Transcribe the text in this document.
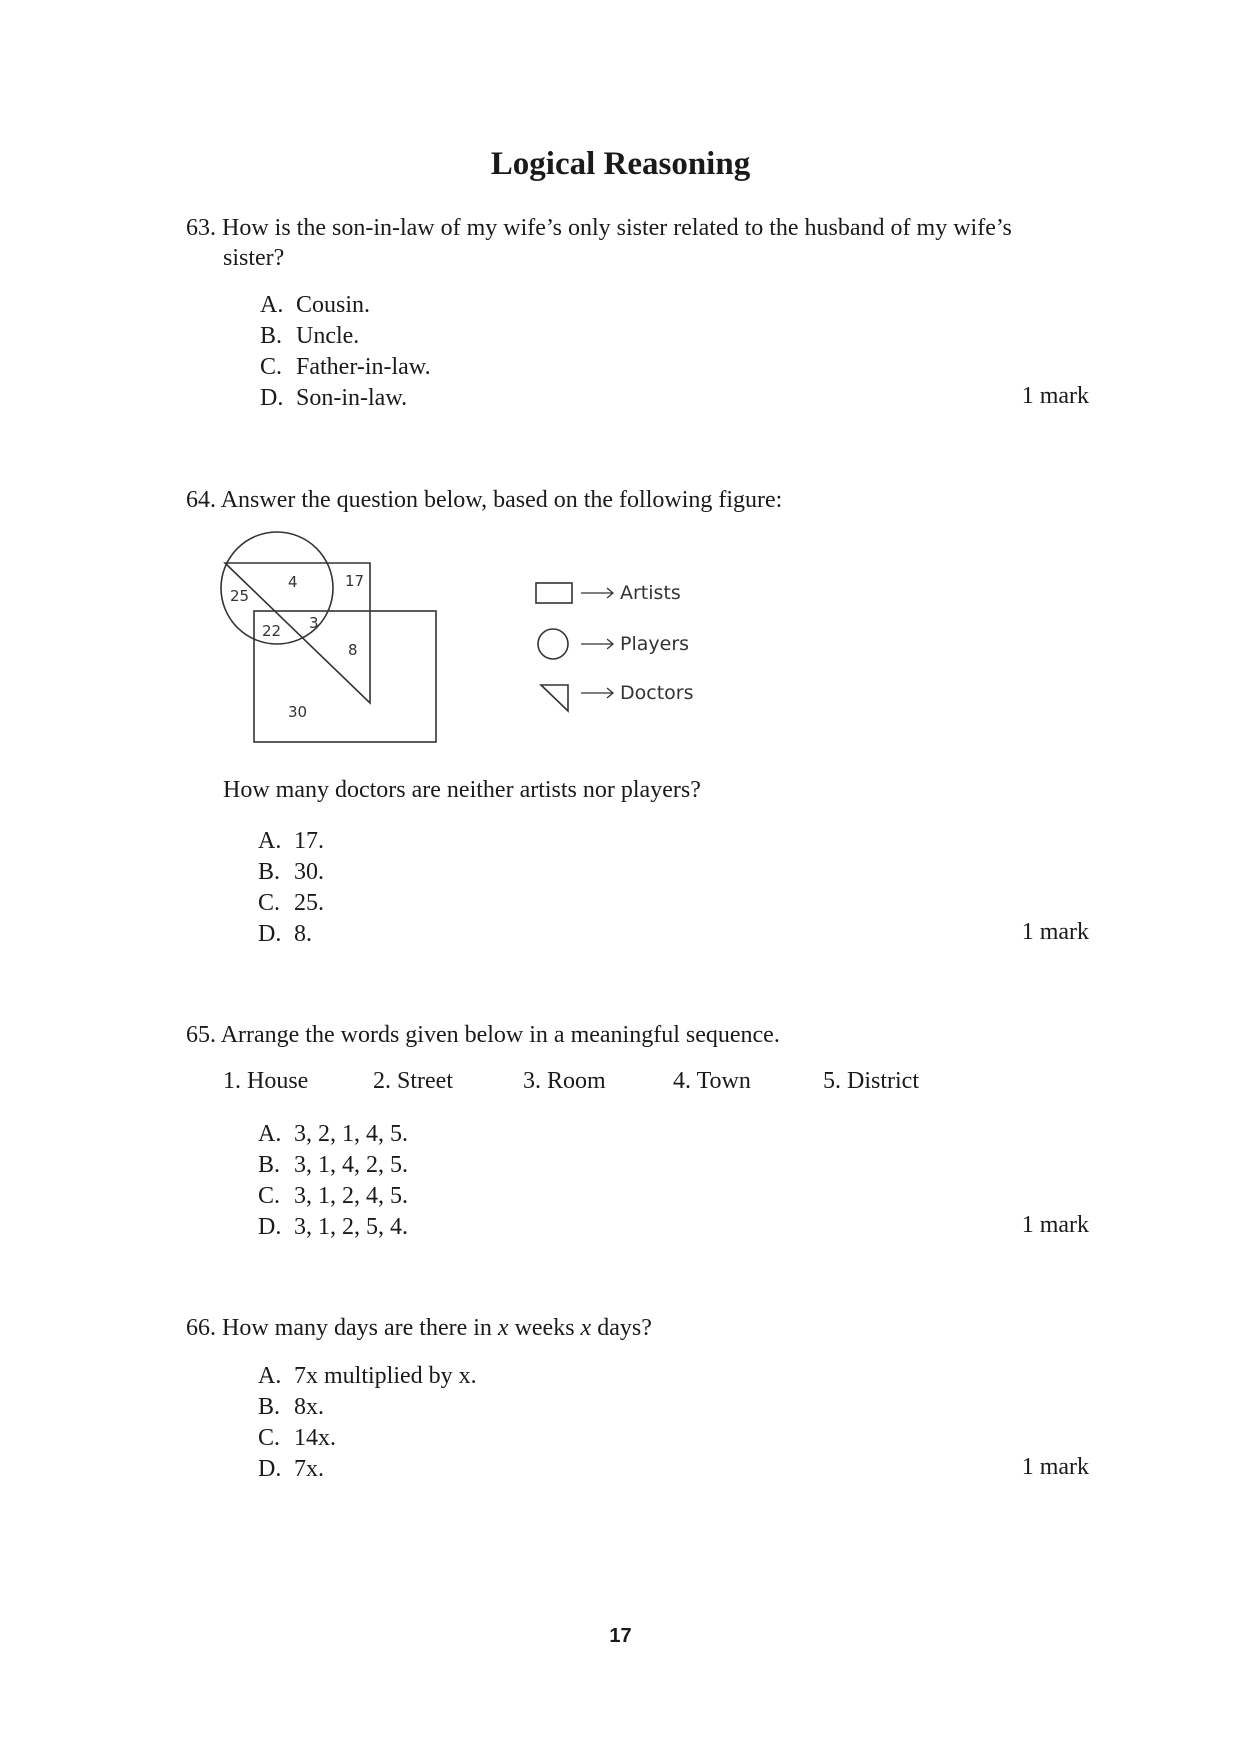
Logical Reasoning
63. How is the son-in-law of my wife’s only sister related to the husband of my wife’s
sister?
A. Cousin.
B. Uncle.
C. Father-in-law.
D. Son-in-law.	1 mark
64. Answer the question below, based on the following figure:
25
4	17
22 3
8
30
Artists
Players
Doctors
How many doctors are neither artists nor players?
A. 17.
B. 30.
C. 25.
D. 8.	1 mark
65. Arrange the words given below in a meaningful sequence.
1. House	2. Street	3. Room	4. Town	5. District
A. 3, 2, 1, 4, 5.
B. 3, 1, 4, 2, 5.
C. 3, 1, 2, 4, 5.
D. 3, 1, 2, 5, 4.	1 mark
66. How many days are there in x weeks x days?
A. 7x multiplied by x.
B. 8x.
C. 14x.
D. 7x.	1 mark
17
